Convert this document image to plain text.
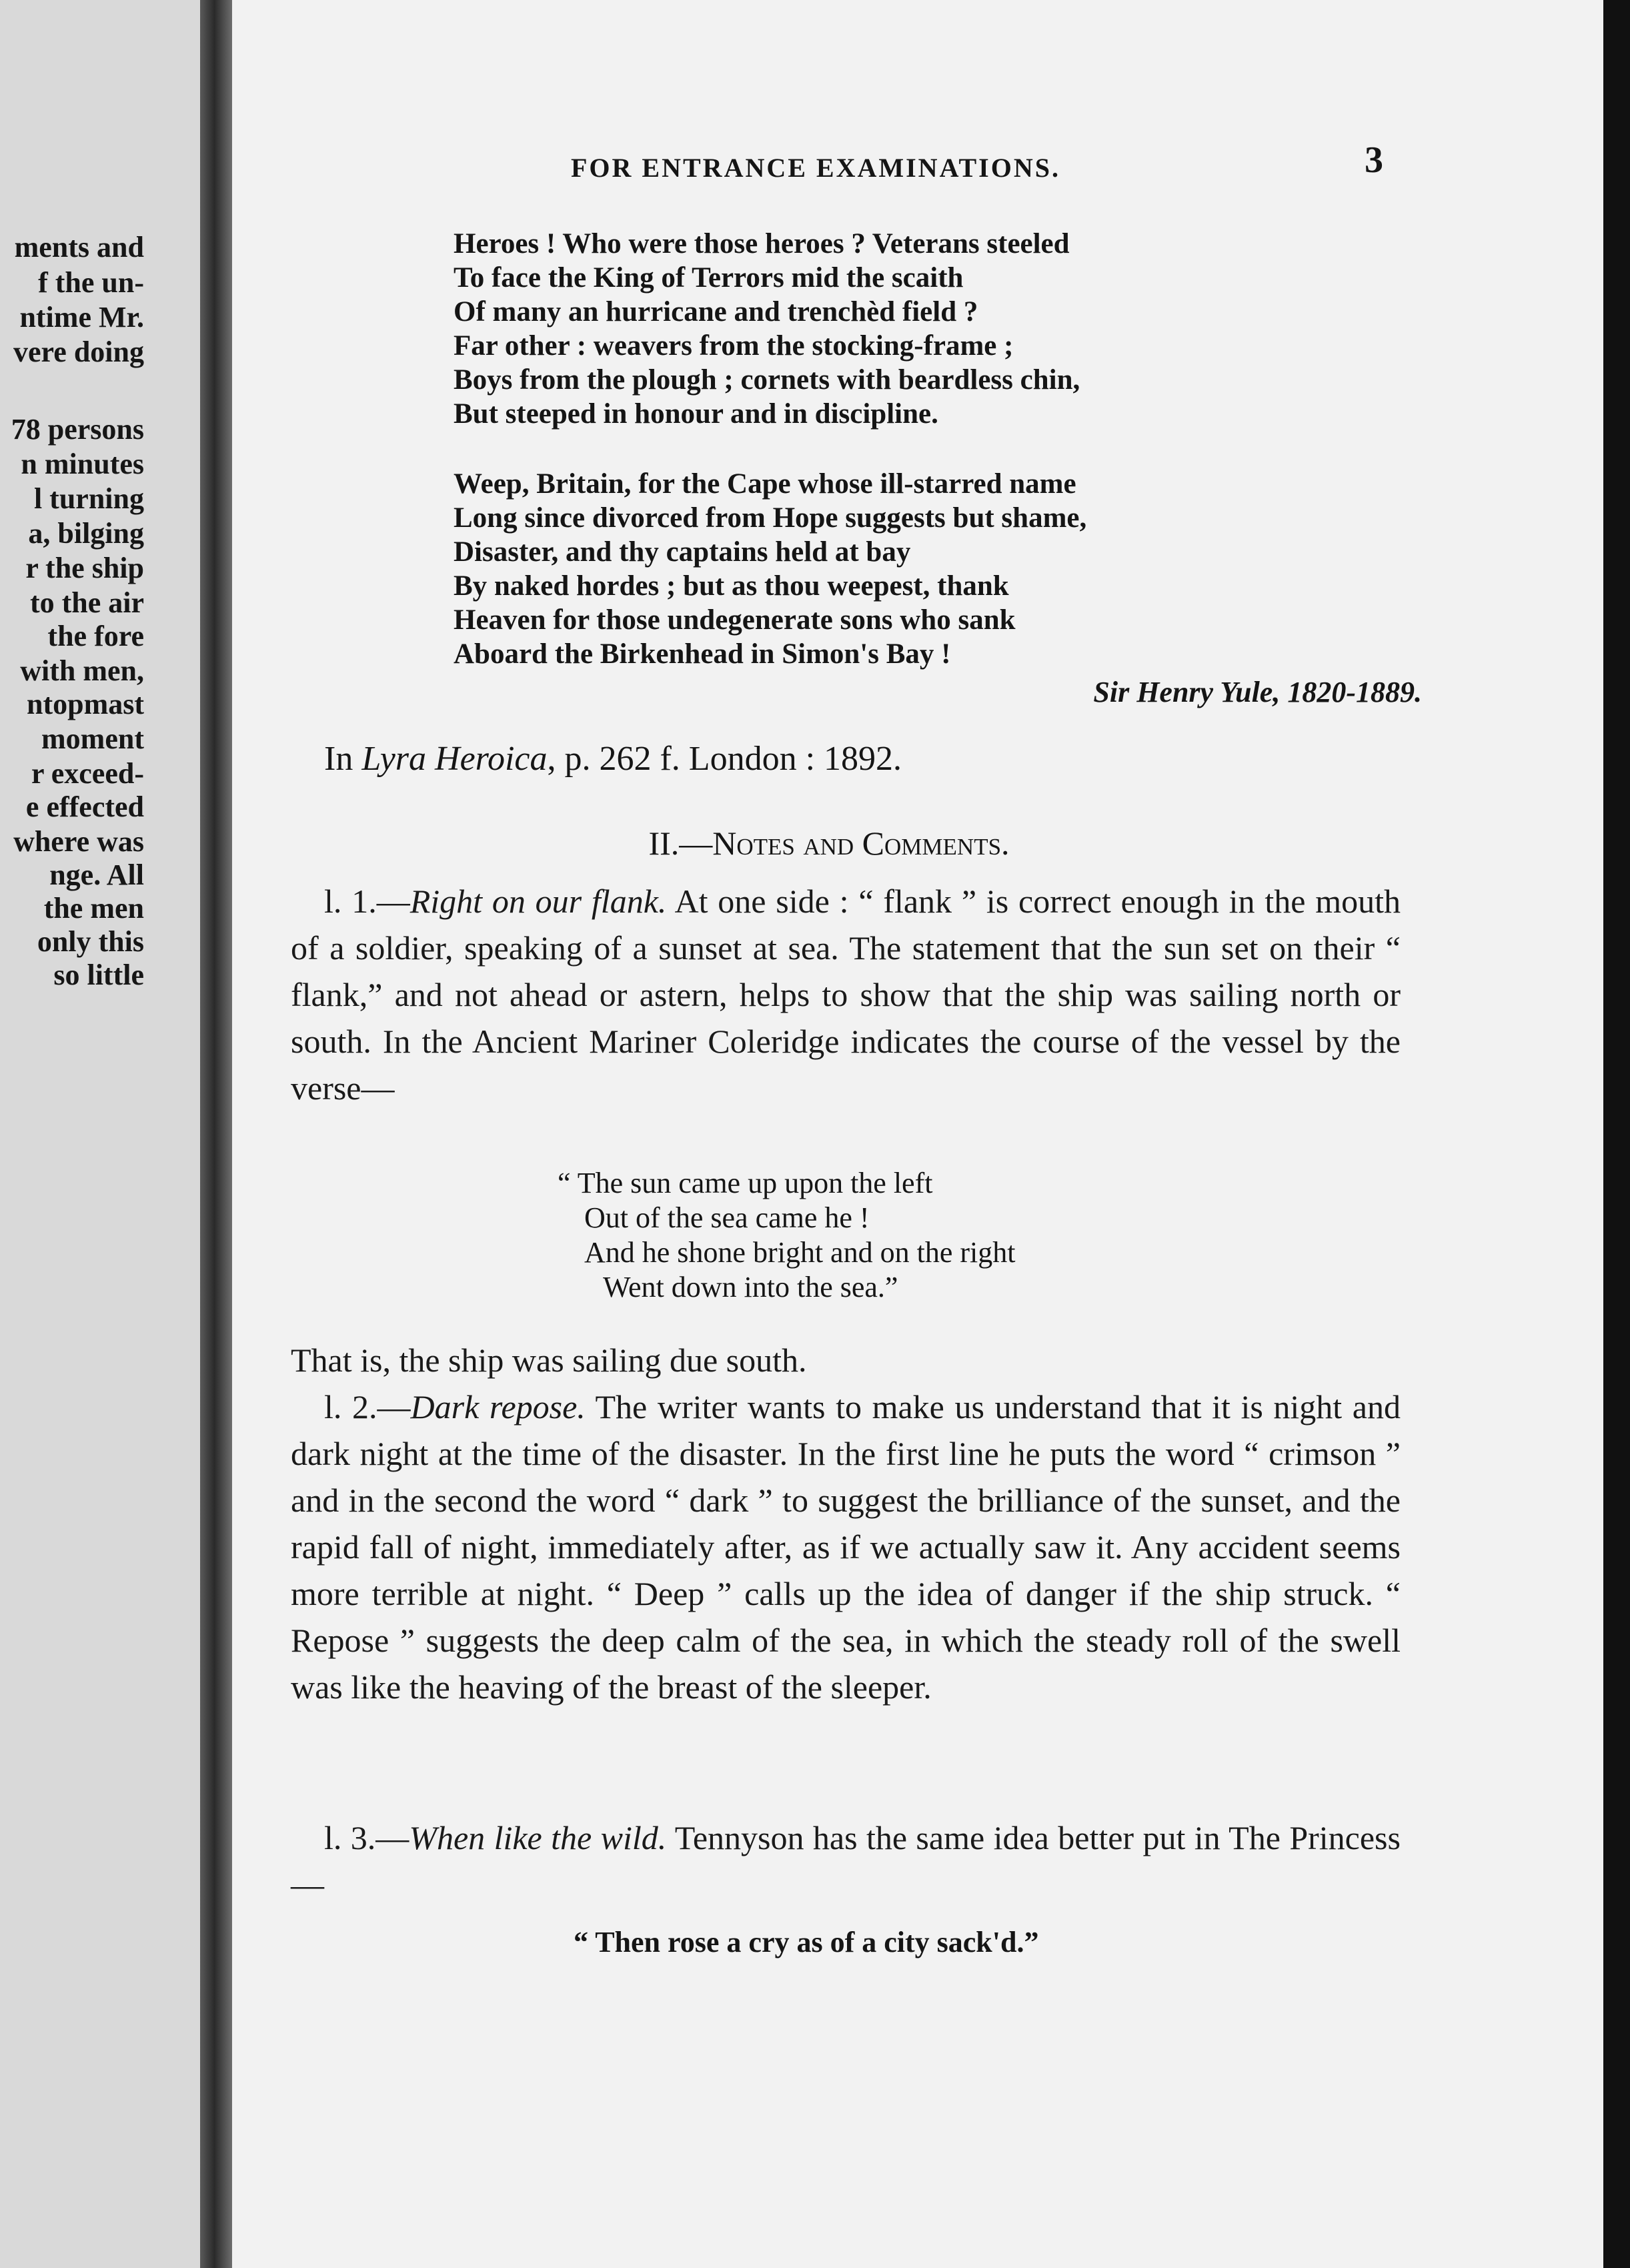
ments and
f the un-
ntime Mr.
vere doing
78 persons
n minutes
l turning
a, bilging
r the ship
to the air
the fore
with men,
ntopmast
moment
r exceed-
e effected
where was
nge. All
the men
only this
so little
FOR ENTRANCE EXAMINATIONS.	3
Heroes ! Who were those heroes ? Veterans steeled
To face the King of Terrors mid the scaith
Of many an hurricane and trenchèd field ?
Far other : weavers from the stocking-frame ;
Boys from the plough ; cornets with beardless chin,
But steeped in honour and in discipline.
Weep, Britain, for the Cape whose ill-starred name
Long since divorced from Hope suggests but shame,
Disaster, and thy captains held at bay
By naked hordes ; but as thou weepest, thank
Heaven for those undegenerate sons who sank
Aboard the Birkenhead in Simon's Bay !
Sir Henry Yule, 1820-1889.
In Lyra Heroica, p. 262 f. London : 1892.
II.—Notes and Comments.
l. 1.—Right on our flank. At one side : “ flank ” is correct enough in the mouth of a soldier, speaking of a sunset at sea. The statement that the sun set on their “ flank,” and not ahead or astern, helps to show that the ship was sailing north or south. In the Ancient Mariner Coleridge indicates the course of the vessel by the verse—
“ The sun came up upon the left
Out of the sea came he !
And he shone bright and on the right
Went down into the sea.”
That is, the ship was sailing due south.
l. 2.—Dark repose. The writer wants to make us understand that it is night and dark night at the time of the disaster. In the first line he puts the word “ crimson ” and in the second the word “ dark ” to suggest the brilliance of the sunset, and the rapid fall of night, immediately after, as if we actually saw it. Any accident seems more terrible at night. “ Deep ” calls up the idea of danger if the ship struck. “ Repose ” suggests the deep calm of the sea, in which the steady roll of the swell was like the heaving of the breast of the sleeper.
l. 3.—When like the wild. Tennyson has the same idea better put in The Princess—
“ Then rose a cry as of a city sack'd.”
